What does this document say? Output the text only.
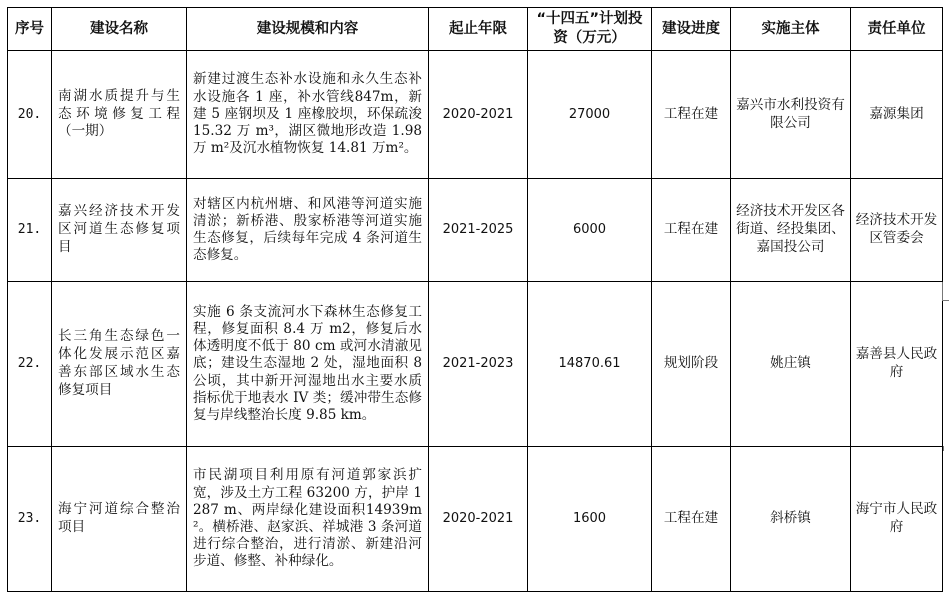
序号	建设名称	建设规模和内容	起止年限	“十四五”计划投资（万元）	建设进度	实施主体	责任单位
20.	南湖水质提升与生态环境修复工程（一期）	新建过渡生态补水设施和永久生态补水设施各 1 座，补水管线847m，新建 5 座钢坝及 1 座橡胶坝，环保疏浚 15.32 万 m³，湖区微地形改造 1.98 万 m²及沉水植物恢复 14.81 万m²。	2020-2021	27000	工程在建	嘉兴市水利投资有限公司	嘉源集团
21.	嘉兴经济技术开发区河道生态修复项目	对辖区内杭州塘、和风港等河道实施清淤；新桥港、殷家桥港等河道实施生态修复，后续每年完成 4 条河道生态修复。	2021-2025	6000	工程在建	经济技术开发区各街道、经投集团、嘉国投公司	经济技术开发区管委会
22.	长三角生态绿色一体化发展示范区嘉善东部区域水生态修复项目	实施 6 条支流河水下森林生态修复工程，修复面积 8.4 万 m2，修复后水体透明度不低于 80 cm 或河水清澈见底；建设生态湿地 2 处，湿地面积 8 公顷，其中新开河湿地出水主要水质指标优于地表水 IV 类；缓冲带生态修复与岸线整治长度 9.85 km。	2021-2023	14870.61	规划阶段	姚庄镇	嘉善县人民政府
23.	海宁河道综合整治项目	市民湖项目利用原有河道郭家浜扩宽，涉及土方工程 63200 方，护岸 1287 m、两岸绿化建设面积14939m²。横桥港、赵家浜、祥城港 3 条河道进行综合整治，进行清淤、新建沿河步道、修整、补种绿化。	2020-2021	1600	工程在建	斜桥镇	海宁市人民政府
